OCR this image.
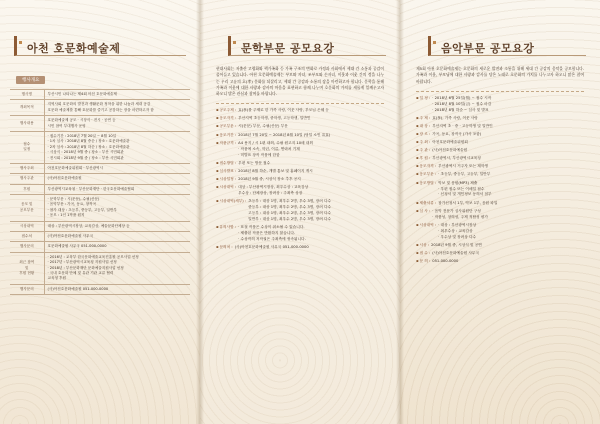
아천 호문화예술제
행사개요
행사명	부산시민 나타나는 제4회 아천 호문화예술제

개최목적	지역사회 호문화의 발전과 생활문화 정착을 위한 나눔과 세대 공감
호문화 예술제를 통해 호문화를 즐기고 공감하는 장을 마련하고자 함

행사내용	호문화예술제 공모 · 시상식 · 전시 · 공연 등
시민 참여 부대행사 운영

접수
일정	· 접수기간 : 2018년 7월 20일 ~ 8월 10일
· 1차 심사 : 2018년 8월 중순 / 장소 : 호문화예술관
· 2차 심사 : 2018년 8월 하순 / 장소 : 호문화예술관
· 시상식 : 2018년 9월 중 / 장소 : 부산 시민회관
· 전시회 : 2018년 9월 중 / 장소 : 부산 시민회관

행사주최	아천호문화예술위원회 · 부산광역시

행사주관	(사)아천호문화예술원

후원	부산광역시교육청 · 부산문화재단 · 한국호문화예술협회

응모 및
공모부문	· 문학부문 : 시(운문), 수필(산문)
· 음악부문 : 가곡, 동요, 창작곡
· 참가 대상 : 초등부, 중등부, 고등부, 일반부
· 응모 : 1인 1작품 원칙

시상내역	대상 : 부산광역시장상, 교육감상, 예술문화단체상 등

접수처	(사)아천호문화예술원 사무국

행사문의	호문화예술원 사무국 051-000-0000

최근 참여
및
후원 현황	· 2016년 : 교육부 한국문화예술교육진흥원 공모사업 선정
· 2017년 : 부산광역시교육청 지원사업 선정
· 2018년 : 부산문화재단 문화예술지원사업 선정
· 국내 호문화 단체 및 유관 기관 교류 협력
교육청 후원

행사문의	(사)아천호문화예술원 051-000-0000
문학부문 공모요강

현대사회는 저출산 고령화와 핵가족화 등 가족 구조의 변화로 가정과 사회에서 세대 간 소통과 공감이 줄어들고 있습니다. 아천 호문화예술제는 부모와 자녀, 조부모와 손자녀, 이웃과 이웃 간의 정을 나누는 우리 고유의 호(孝) 문화를 되살리고, 세대 간 공감과 소통의 장을 마련하고자 합니다. 문학을 통해 가족과 이웃에 대한 사랑과 감사의 마음을 표현하고 함께 나누며 호문화의 가치를 새롭게 일깨우고자 하오니 많은 관심과 참여를 바랍니다.

▪ 공모주제 : 효(孝)를 주제로 한 가족 사랑, 이웃 사랑, 부모님 은혜 등
▪ 응모자격 : 부산지역 초등학생, 중학생, 고등학생, 일반인
▪ 공모부문 : 시(운문) 부문, 수필(산문) 부문
▪ 응모기간 : 2018년 7월 20일 ~ 2018년 8월 10일 (당일 소인 유효)
▪ 작품규격 : A4 용지 / 시 1편 내외, 수필 원고지 10매 내외
· 작품에 소속, 학년, 이름, 연락처 기재
· 미발표 창작 작품에 한함
▪ 접수방법 : 우편 또는 방문 접수
▪ 심사발표 : 2018년 8월 하순, 개별 통보 및 홈페이지 게시
▪ 시상일정 : 2018년 9월 중, 시상식 장소 추후 공지
▪ 시상내역 : 대상 : 부산광역시장상, 최우수상 : 교육감상
우수상 : 단체장상, 장려상 : 주최측 상장
▪ 시상내역(세부) : 초등부 : 대상 1명, 최우수 2명, 우수 3명, 장려 다수
중등부 : 대상 1명, 최우수 2명, 우수 3명, 장려 다수
고등부 : 대상 1명, 최우수 2명, 우수 3명, 장려 다수
일반부 : 대상 1명, 최우수 2명, 우수 3명, 장려 다수
▪ 유의사항 : · 표절 작품은 수상이 취소될 수 있습니다.
· 제출된 작품은 반환하지 않습니다.
· 수상작의 저작권은 주최측에 귀속됩니다.
▪ 문의처 : (사)아천호문화예술원 사무국 051-000-0000
음악부문 공모요강

제5회 아천 호문화예술제는 호문화의 새로운 발전과 소통을 위해 세대 간 공감의 음악을 공모합니다. 가족과 이웃, 부모님에 대한 사랑과 감사를 담은 노래로 호문화의 가치를 나누고자 하오니 많은 참여 바랍니다.

▪ 일 정 : · 2018년 6월 25일(월) ~ 접수 시작
· 2018년 8월 10일(금) ~ 접수 마감
· 2018년 8월 하순 ~ 심사 및 발표
▪ 주 제 : 효(孝), 가족 사랑, 이웃 사랑
▪ 대 상 : 부산지역 초 · 중 · 고등학생 및 일반인
▪ 장 르 : 가곡, 동요, 창작곡 (가사 포함)
▪ 주 최 : 아천호문화예술위원회
▪ 주 관 : (사)아천호문화예술원
▪ 후 원 : 부산광역시, 부산광역시교육청
▪ 응모자격 : 부산광역시 거주자 또는 재학생
▪ 응모부문 : · 초등부, 중등부, 고등부, 일반부
▪ 응모방법 : 악보 및 음원(MP3) 제출
· 우편 접수 또는 이메일 접수
· 신청서 및 개인정보 동의서 첨부
▪ 제출서류 : 참가신청서 1부, 악보 1부, 음원 파일
▪ 심 사 : · 음악 전문가 심사위원단 구성
· 작품성, 창의성, 주제 적합성 평가
▪ 시상내역 : · 대상 : 부산광역시장상
· 최우수상 : 교육감상
· 우수상 및 장려상 다수
▪ 시상 : 2018년 9월 중, 시상식 및 공연
▪ 접 수 : (사)아천호문화예술원 사무국
▪ 문 의 : 051-000-0000
